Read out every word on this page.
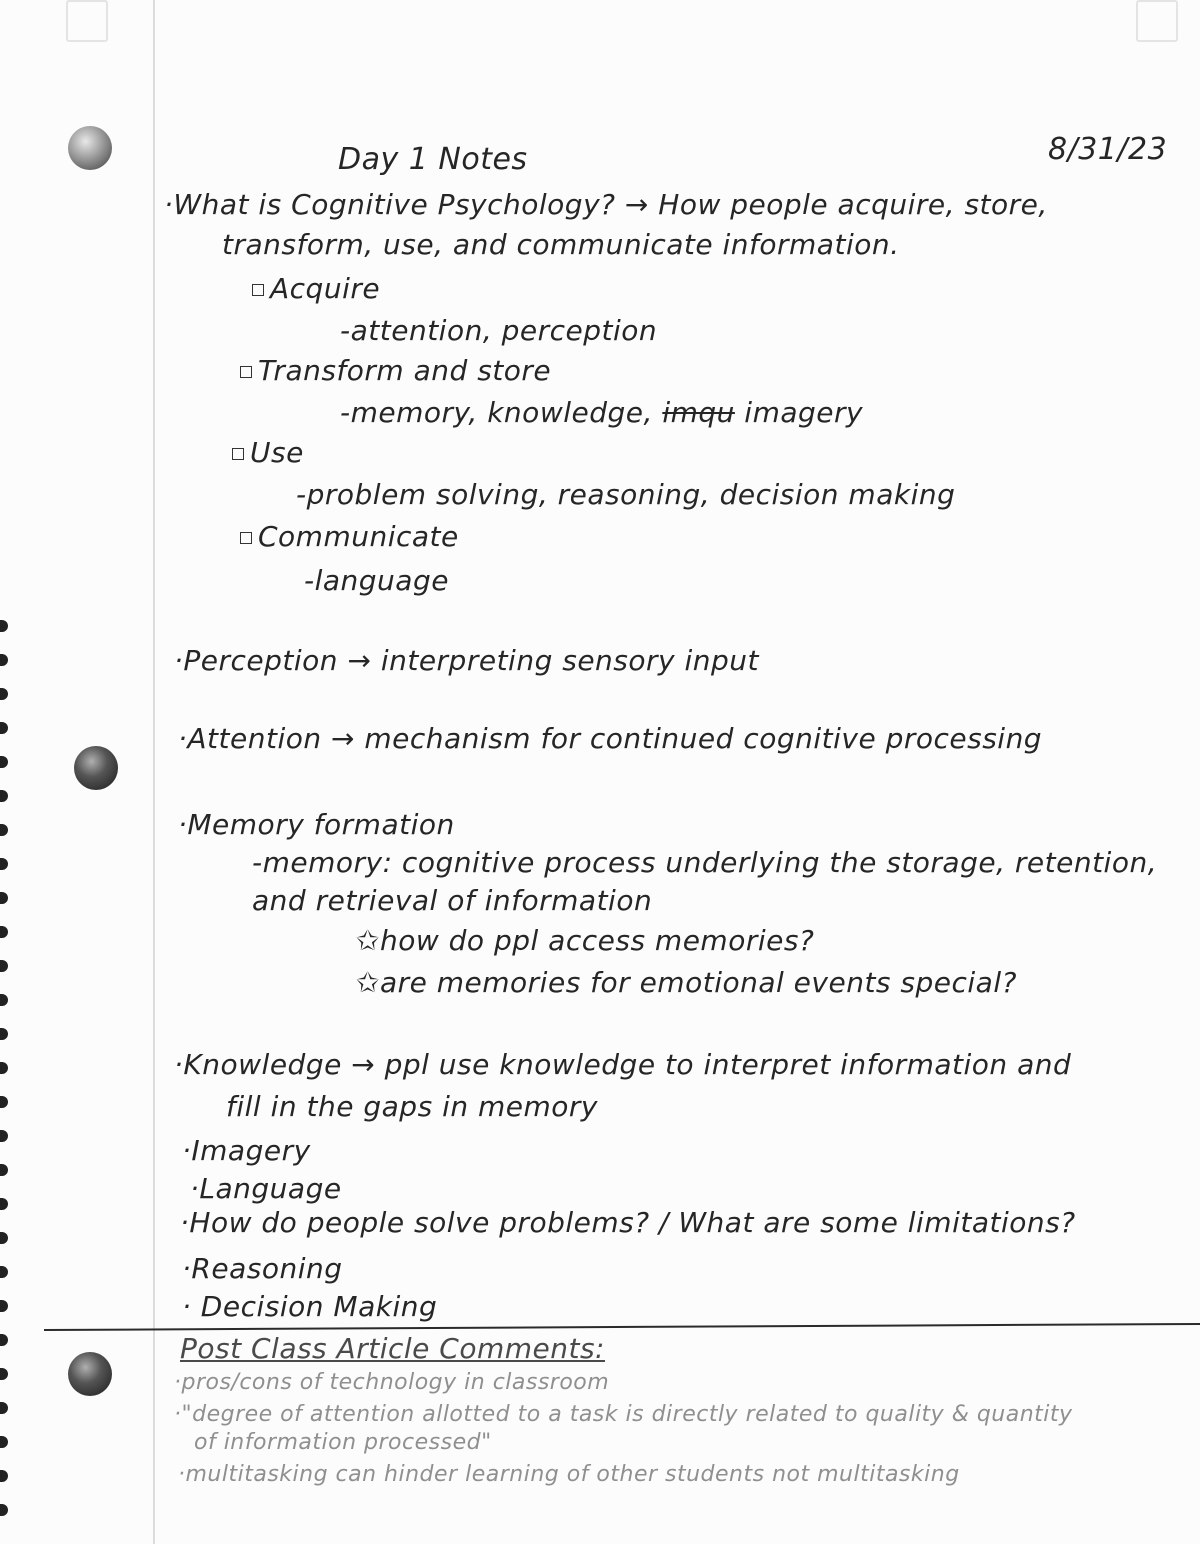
Day 1 Notes	8/31/23
·What is Cognitive Psychology? → How people acquire, store,
transform, use, and communicate information.
Acquire
-attention, perception
Transform and store
-memory, knowledge, imqu imagery
Use
-problem solving, reasoning, decision making
Communicate
-language
·Perception → interpreting sensory input
·Attention → mechanism for continued cognitive processing
·Memory formation
-memory: cognitive process underlying the storage, retention,
and retrieval of information
✩how do ppl access memories?
✩are memories for emotional events special?
·Knowledge → ppl use knowledge to interpret information and
fill in the gaps in memory
·Imagery
·Language
·How do people solve problems? / What are some limitations?
·Reasoning
· Decision Making
Post Class Article Comments:
·pros/cons of technology in classroom
·"degree of attention allotted to a task is directly related to quality & quantity
of information processed"
·multitasking can hinder learning of other students not multitasking
